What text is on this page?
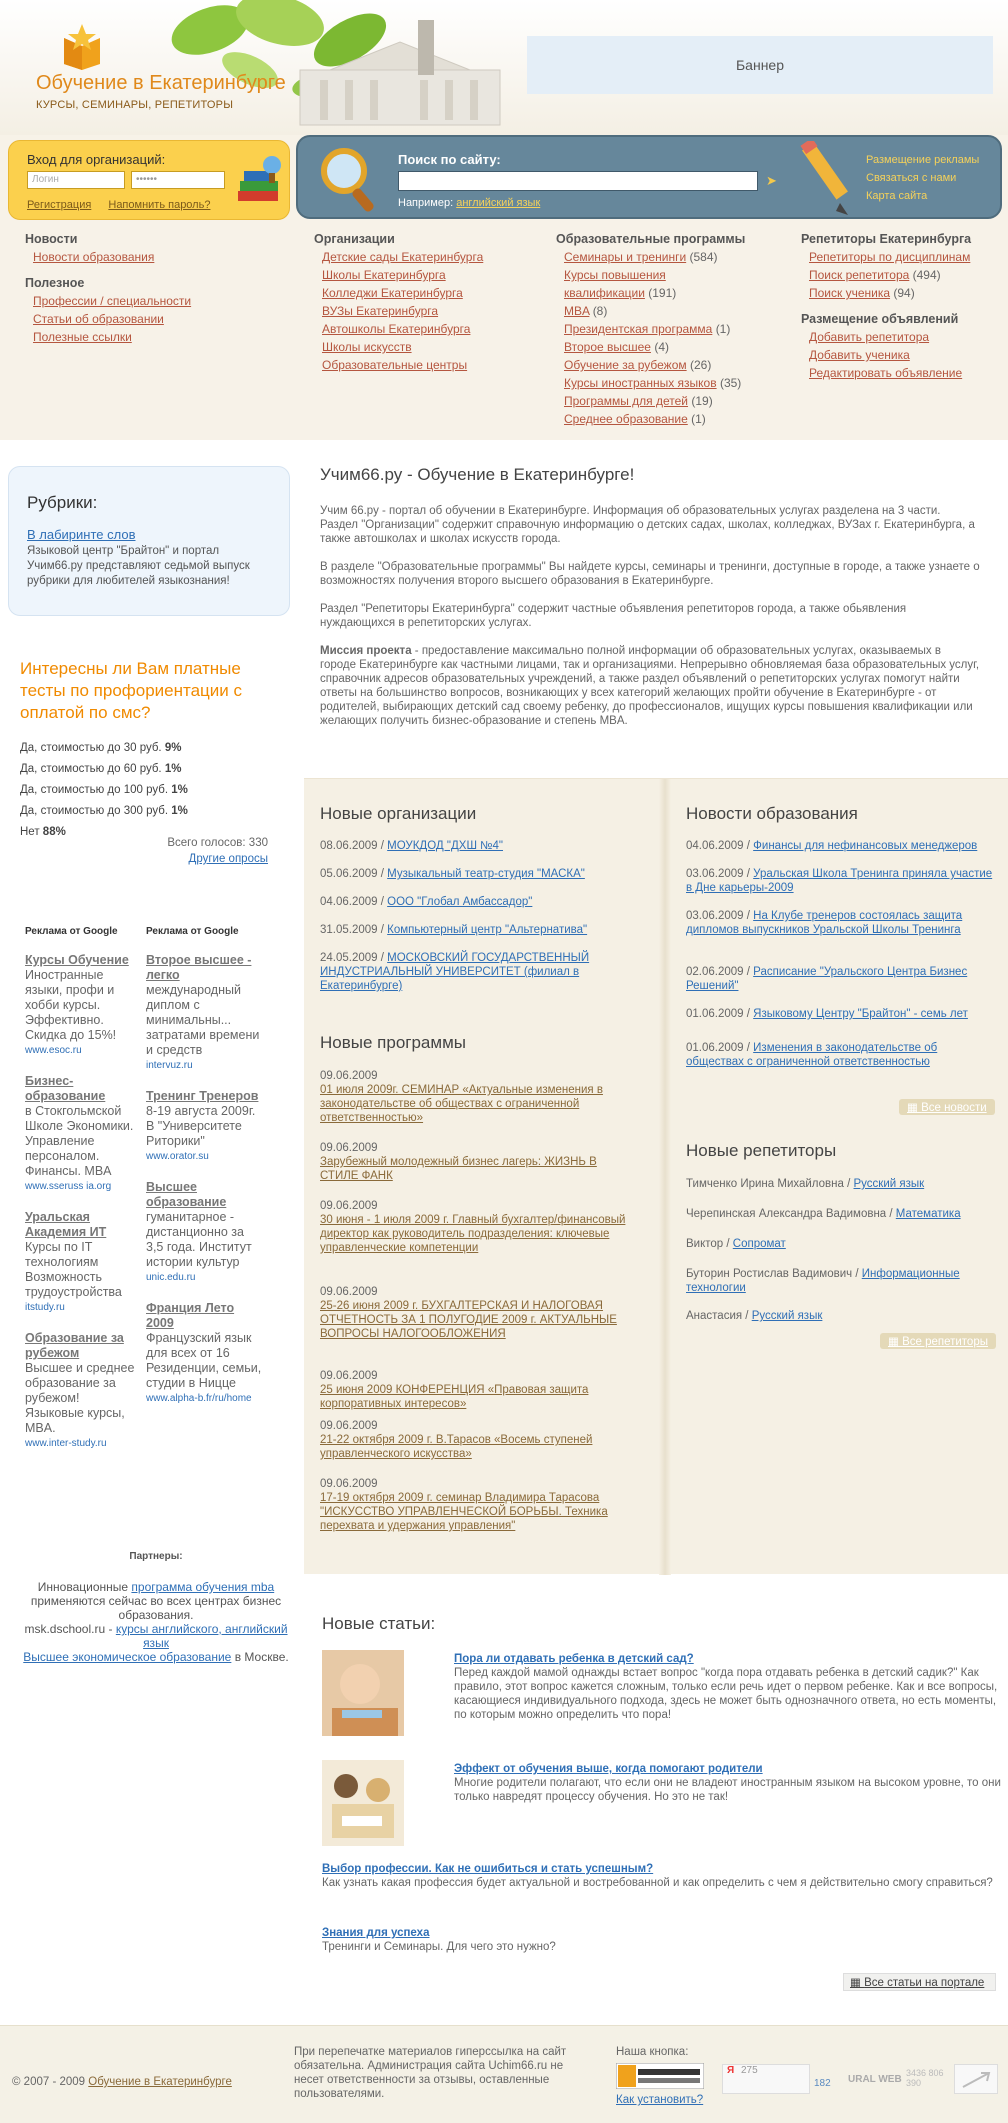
Обучение в Екатеринбурге
КУРСЫ, СЕМИНАРЫ, РЕПЕТИТОРЫ
Баннер
Вход для организаций:
Логин	••••••
Регистрация Напомнить пароль?
Поиск по сайту:
➤
Например: английский язык
Размещение рекламы
Связаться с нами
Карта сайта
Новости
Новости образования
Полезное
Профессии / специальности
Статьи об образовании
Полезные ссылки
Организации
Детские сады Екатеринбурга
Школы Екатеринбурга
Колледжи Екатеринбурга
ВУЗы Екатеринбурга
Автошколы Екатеринбурга
Школы искусств
Образовательные центры
Образовательные программы
Семинары и тренинги (584)
Курсы повышения
квалификации (191)
MBA (8)
Президентская программа (1)
Второе высшее (4)
Обучение за рубежом (26)
Курсы иностранных языков (35)
Программы для детей (19)
Среднее образование (1)
Репетиторы Екатеринбурга
Репетиторы по дисциплинам
Поиск репетитора (494)
Поиск ученика (94)
Размещение объявлений
Добавить репетитора
Добавить ученика
Редактировать объявление
Рубрики:
В лабиринте слов
Языковой центр "Брайтон" и портал Учим66.ру представляют седьмой выпуск рубрики для любителей языкознания!
Интересны ли Вам платные тесты по профориентации с оплатой по смс?
Да, стоимостью до 30 руб. 9%
Да, стоимостью до 60 руб. 1%
Да, стоимостью до 100 руб. 1%
Да, стоимостью до 300 руб. 1%
Нет 88%
Всего голосов: 330
Другие опросы
Реклама от Google
Курсы Обучение
Иностранные языки, профи и хобби курсы. Эффективно. Скидка до 15%!
www.esoc.ru
Бизнес-образование
в Стокгольмской Школе Экономики. Управление персоналом. Финансы. MBA
www.sseruss ia.org
Уральская Академия ИТ
Курсы по IT технологиям Возможность трудоустройства
itstudy.ru
Образование за рубежом
Высшее и среднее образование за рубежом! Языковые курсы, MBA.
www.inter-study.ru
Реклама от Google
Второе высшее - легко
международный диплом с минимальны... затратами времени и средств
intervuz.ru
Тренинг Тренеров
8-19 августа 2009г. В "Университете Ритoрики"
www.orator.su
Высшее образование
гуманитарное - дистанционно за 3,5 года. Институт истории культур
unic.edu.ru
Франция Лето 2009
Французский язык для всех от 16 Резиденции, семьи, студии в Ницце
www.alpha-b.fr/ru/home
Партнеры:
Инновационные программа обучения mba применяются сейчас во всех центрах бизнес образования.
msk.dschool.ru - курсы английского, английский язык
Высшее экономическое образование в Москве.
Учим66.ру - Обучение в Екатеринбурге!

Учим 66.ру - портал об обучении в Екатеринбурге. Информация об образовательных услугах разделена на 3 части. Раздел "Организации" содержит справочную информацию о детских садах, школах, колледжах, ВУЗах г. Екатеринбурга, а также автошколах и школах искусств города.

В разделе "Образовательные программы" Вы найдете курсы, семинары и тренинги, доступные в городе, а также узнаете о возможностях получения второго высшего образования в Екатеринбурге.

Раздел "Репетиторы Екатеринбурга" содержит частные объявления репетиторов города, а также обьявления нуждающихся в репетиторских услугах.

Миссия проекта - предоставление максимально полной информации об образовательных услугах, оказываемых в городе Екатеринбурге как частными лицами, так и организациями. Непрерывно обновляемая база образовательных услуг, справочник адресов образовательных учреждений, а также раздел объявлений о репетиторских услугах помогут найти ответы на большинство вопросов, возникающих у всех категорий желающих пройти обучение в Екатеринбурге - от родителей, выбирающих детский сад своему ребенку, до профессионалов, ищущих курсы повышения квалификации или желающих получить бизнес-образование и степень MBA.

Новые организации
08.06.2009 / МОУКДОД "ДХШ №4"
05.06.2009 / Музыкальный театр-студия "МАСКА"
04.06.2009 / ООО "Глобал Амбассадор"
31.05.2009 / Компьютерный центр "Альтернатива"
24.05.2009 / МОСКОВСКИЙ ГОСУДАРСТВЕННЫЙ ИНДУСТРИАЛЬНЫЙ УНИВЕРСИТЕТ (филиал в Екатеринбурге)
Новые программы
09.06.2009
01 июля 2009г. СЕМИНАР «Актуальные изменения в законодательстве об обществах с ограниченной ответственностью»
09.06.2009
Зарубежный молодежный бизнес лагерь: ЖИЗНЬ В СТИЛЕ ФАНК
09.06.2009
30 июня - 1 июля 2009 г. Главный бухгалтер/финансовый директор как руководитель подразделения: ключевые управленческие компетенции
09.06.2009
25-26 июня 2009 г. БУХГАЛТЕРСКАЯ И НАЛОГОВАЯ ОТЧЕТНОСТЬ ЗА 1 ПОЛУГОДИЕ 2009 г. АКТУАЛЬНЫЕ ВОПРОСЫ НАЛОГООБЛОЖЕНИЯ
09.06.2009
25 июня 2009 КОНФЕРЕНЦИЯ «Правовая защита корпоративных интересов»
09.06.2009
21-22 октября 2009 г. В.Тарасов «Восемь ступеней управленческого искусства»
09.06.2009
17-19 октября 2009 г. семинар Владимира Тарасова "ИСКУССТВО УПРАВЛЕНЧЕСКОЙ БОРЬБЫ. Техника перехвата и удержания управления"
Новости образования
04.06.2009 / Финансы для нефинансовых менеджеров
03.06.2009 / Уральская Школа Тренинга приняла участие в Дне карьеры-2009
03.06.2009 / На Клубе тренеров состоялась защита дипломов выпускников Уральской Школы Тренинга
02.06.2009 / Расписание "Уральского Центра Бизнес Решений"
01.06.2009 / Языковому Центру "Брайтон" - семь лет
01.06.2009 / Изменения в законодательстве об обществах с ограниченной ответственностью
▦ Все новости
Новые репетиторы
Тимченко Ирина Михайловна / Русский язык
Черепинская Александра Вадимовна / Математика
Виктор / Сопромат
Буторин Ростислав Вадимович / Информационные технологии
Анастасия / Русский язык
▦ Все репетиторы
Новые статьи:
Пора ли отдавать ребенка в детский сад?
Перед каждой мамой однажды встает вопрос "когда пора отдавать ребенка в детский садик?" Как правило, этот вопрос кажется сложным, только если речь идет о первом ребенке. Как и все вопросы, касающиеся индивидуального подхода, здесь не может быть однозначного ответа, но есть моменты, по которым можно определить что пора!
Эффект от обучения выше, когда помогают родители
Многие родители полагают, что если они не владеют иностранным языком на высоком уровне, то они только навредят процессу обучения. Но это не так!
Выбор профессии. Как не ошибиться и стать успешным?
Как узнать какая профессия будет актуальной и востребованной и как определить с чем я действительно смогу справиться?
Знания для успеха
Тренинги и Семинары. Для чего это нужно?
▦ Все статьи на портале
© 2007 - 2009 Обучение в Екатеринбурге
При перепечатке материалов гиперссылка на сайт обязательна. Администрация сайта Uchim66.ru не несет ответственности за отзывы, оставленные пользователями.
Наша кнопка:
Как установить?
Я 275
182	URAL WEB
3436 806 390
